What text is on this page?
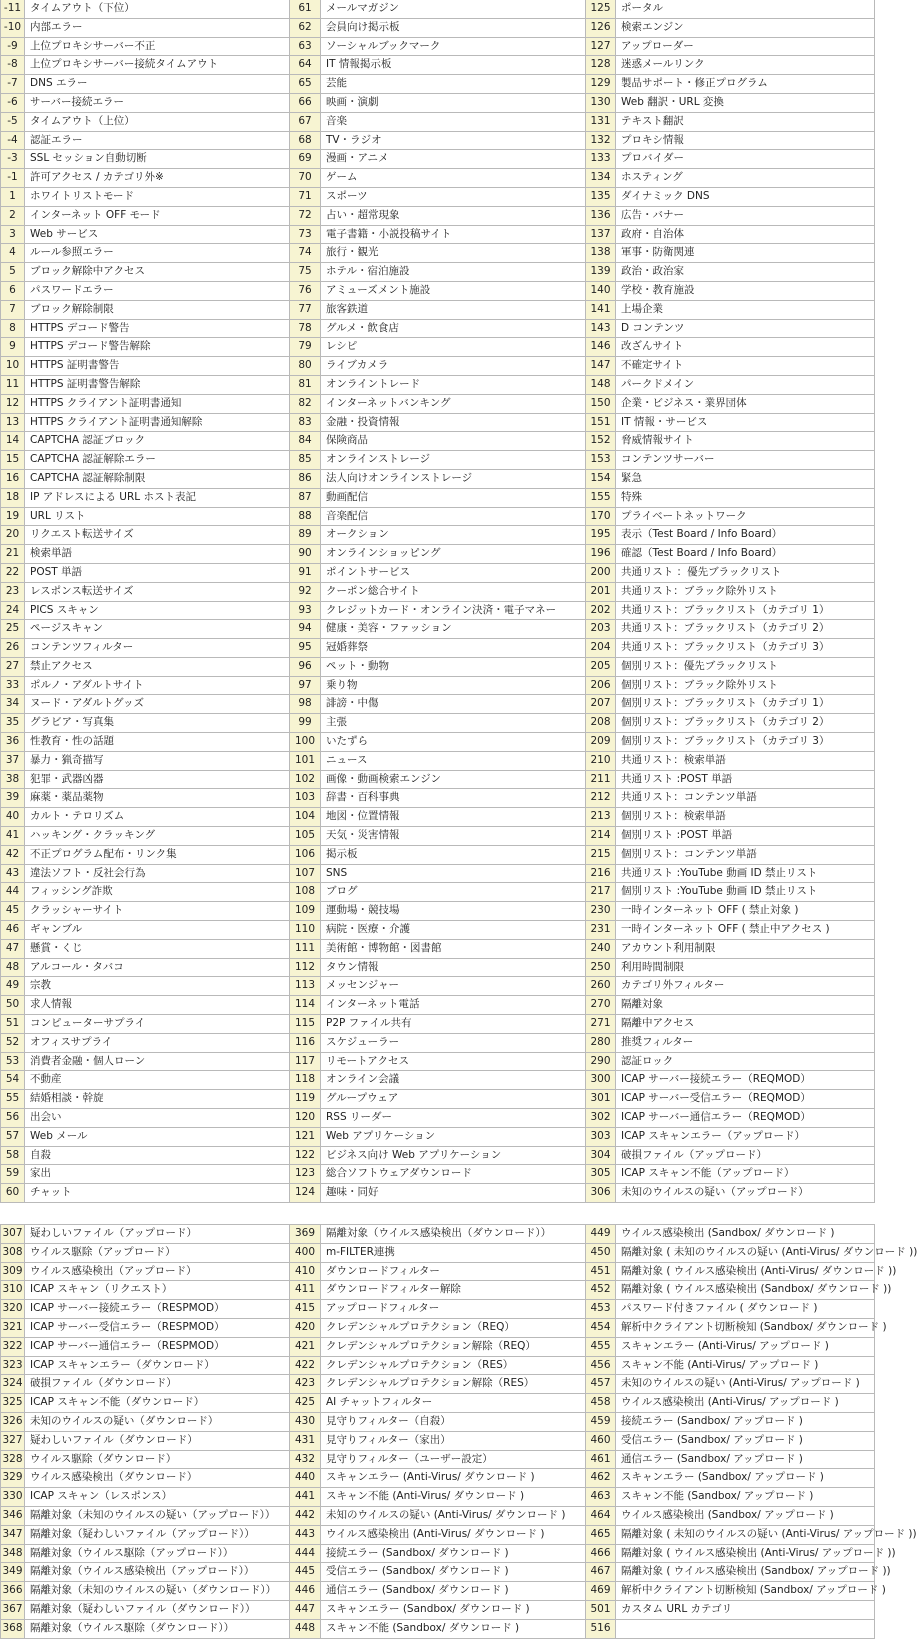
-11	タイムアウト（下位）	61	メールマガジン	125	ポータル
-10	内部エラー	62	会員向け掲示板	126	検索エンジン
-9	上位プロキシサーバー不正	63	ソーシャルブックマーク	127	アップローダー
-8	上位プロキシサーバー接続タイムアウト	64	IT 情報掲示板	128	迷惑メールリンク
-7	DNS エラー	65	芸能	129	製品サポート・修正プログラム
-6	サーバー接続エラー	66	映画・演劇	130	Web 翻訳・URL 変換
-5	タイムアウト（上位）	67	音楽	131	テキスト翻訳
-4	認証エラー	68	TV・ラジオ	132	プロキシ情報
-3	SSL セッション自動切断	69	漫画・アニメ	133	プロバイダー
-1	許可アクセス / カテゴリ外※	70	ゲーム	134	ホスティング
1	ホワイトリストモード	71	スポーツ	135	ダイナミック DNS
2	インターネット OFF モード	72	占い・超常現象	136	広告・バナー
3	Web サービス	73	電子書籍・小説投稿サイト	137	政府・自治体
4	ルール参照エラー	74	旅行・観光	138	軍事・防衛関連
5	ブロック解除中アクセス	75	ホテル・宿泊施設	139	政治・政治家
6	パスワードエラー	76	アミューズメント施設	140	学校・教育施設
7	ブロック解除制限	77	旅客鉄道	141	上場企業
8	HTTPS デコード警告	78	グルメ・飲食店	143	D コンテンツ
9	HTTPS デコード警告解除	79	レシピ	146	改ざんサイト
10	HTTPS 証明書警告	80	ライブカメラ	147	不確定サイト
11	HTTPS 証明書警告解除	81	オンライントレード	148	パークドメイン
12	HTTPS クライアント証明書通知	82	インターネットバンキング	150	企業・ビジネス・業界団体
13	HTTPS クライアント証明書通知解除	83	金融・投資情報	151	IT 情報・サービス
14	CAPTCHA 認証ブロック	84	保険商品	152	脅威情報サイト
15	CAPTCHA 認証解除エラー	85	オンラインストレージ	153	コンテンツサーバー
16	CAPTCHA 認証解除制限	86	法人向けオンラインストレージ	154	緊急
18	IP アドレスによる URL ホスト表記	87	動画配信	155	特殊
19	URL リスト	88	音楽配信	170	プライベートネットワーク
20	リクエスト転送サイズ	89	オークション	195	表示（Test Board / Info Board）
21	検索単語	90	オンラインショッピング	196	確認（Test Board / Info Board）
22	POST 単語	91	ポイントサービス	200	共通リスト ：優先ブラックリスト
23	レスポンス転送サイズ	92	クーポン総合サイト	201	共通リスト：ブラック除外リスト
24	PICS スキャン	93	クレジットカード・オンライン決済・電子マネー	202	共通リスト：ブラックリスト（カテゴリ 1）
25	ページスキャン	94	健康・美容・ファッション	203	共通リスト：ブラックリスト（カテゴリ 2）
26	コンテンツフィルター	95	冠婚葬祭	204	共通リスト：ブラックリスト（カテゴリ 3）
27	禁止アクセス	96	ペット・動物	205	個別リスト：優先ブラックリスト
33	ポルノ・アダルトサイト	97	乗り物	206	個別リスト：ブラック除外リスト
34	ヌード・アダルトグッズ	98	誹謗・中傷	207	個別リスト：ブラックリスト（カテゴリ 1）
35	グラビア・写真集	99	主張	208	個別リスト：ブラックリスト（カテゴリ 2）
36	性教育・性の話題	100	いたずら	209	個別リスト：ブラックリスト（カテゴリ 3）
37	暴力・猟奇描写	101	ニュース	210	共通リスト：検索単語
38	犯罪・武器凶器	102	画像・動画検索エンジン	211	共通リスト :POST 単語
39	麻薬・薬品薬物	103	辞書・百科事典	212	共通リスト：コンテンツ単語
40	カルト・テロリズム	104	地図・位置情報	213	個別リスト：検索単語
41	ハッキング・クラッキング	105	天気・災害情報	214	個別リスト :POST 単語
42	不正プログラム配布・リンク集	106	掲示板	215	個別リスト：コンテンツ単語
43	違法ソフト・反社会行為	107	SNS	216	共通リスト :YouTube 動画 ID 禁止リスト
44	フィッシング詐欺	108	ブログ	217	個別リスト :YouTube 動画 ID 禁止リスト
45	クラッシャーサイト	109	運動場・競技場	230	一時インターネット OFF ( 禁止対象 )
46	ギャンブル	110	病院・医療・介護	231	一時インターネット OFF ( 禁止中アクセス )
47	懸賞・くじ	111	美術館・博物館・図書館	240	アカウント利用制限
48	アルコール・タバコ	112	タウン情報	250	利用時間制限
49	宗教	113	メッセンジャー	260	カテゴリ外フィルター
50	求人情報	114	インターネット電話	270	隔離対象
51	コンピューターサプライ	115	P2P ファイル共有	271	隔離中アクセス
52	オフィスサプライ	116	スケジューラー	280	推奨フィルター
53	消費者金融・個人ローン	117	リモートアクセス	290	認証ロック
54	不動産	118	オンライン会議	300	ICAP サーバー接続エラー（REQMOD）
55	結婚相談・幹旋	119	グループウェア	301	ICAP サーバー受信エラー（REQMOD）
56	出会い	120	RSS リーダー	302	ICAP サーバー通信エラー（REQMOD）
57	Web メール	121	Web アプリケーション	303	ICAP スキャンエラー（アップロード）
58	自殺	122	ビジネス向け Web アプリケーション	304	破損ファイル（アップロード）
59	家出	123	総合ソフトウェアダウンロード	305	ICAP スキャン不能（アップロード）
60	チャット	124	趣味・同好	306	未知のウイルスの疑い（アップロード）
307	疑わしいファイル（アップロード）	369	隔離対象（ウイルス感染検出（ダウンロード））	449	ウイルス感染検出 (Sandbox/ ダウンロード )
308	ウイルス駆除（アップロード）	400	m-FILTER連携	450	隔離対象 ( 未知のウイルスの疑い (Anti-Virus/ ダウンロード ))
309	ウイルス感染検出（アップロード）	410	ダウンロードフィルター	451	隔離対象 ( ウイルス感染検出 (Anti-Virus/ ダウンロード ))
310	ICAP スキャン（リクエスト）	411	ダウンロードフィルター解除	452	隔離対象 ( ウイルス感染検出 (Sandbox/ ダウンロード ))
320	ICAP サーバー接続エラー（RESPMOD）	415	アップロードフィルター	453	パスワード付きファイル ( ダウンロード )
321	ICAP サーバー受信エラー（RESPMOD）	420	クレデンシャルプロテクション（REQ）	454	解析中クライアント切断検知 (Sandbox/ ダウンロード )
322	ICAP サーバー通信エラー（RESPMOD）	421	クレデンシャルプロテクション解除（REQ）	455	スキャンエラー (Anti-Virus/ アップロード )
323	ICAP スキャンエラー（ダウンロード）	422	クレデンシャルプロテクション（RES）	456	スキャン不能 (Anti-Virus/ アップロード )
324	破損ファイル（ダウンロード）	423	クレデンシャルプロテクション解除（RES）	457	未知のウイルスの疑い (Anti-Virus/ アップロード )
325	ICAP スキャン不能（ダウンロード）	425	AI チャットフィルター	458	ウイルス感染検出 (Anti-Virus/ アップロード )
326	未知のウイルスの疑い（ダウンロード）	430	見守りフィルター（自殺）	459	接続エラー (Sandbox/ アップロード )
327	疑わしいファイル（ダウンロード）	431	見守りフィルター（家出）	460	受信エラー (Sandbox/ アップロード )
328	ウイルス駆除（ダウンロード）	432	見守りフィルター（ユーザー設定）	461	通信エラー (Sandbox/ アップロード )
329	ウイルス感染検出（ダウンロード）	440	スキャンエラー (Anti-Virus/ ダウンロード )	462	スキャンエラー (Sandbox/ アップロード )
330	ICAP スキャン（レスポンス）	441	スキャン不能 (Anti-Virus/ ダウンロード )	463	スキャン不能 (Sandbox/ アップロード )
346	隔離対象（未知のウイルスの疑い（アップロード））	442	未知のウイルスの疑い (Anti-Virus/ ダウンロード )	464	ウイルス感染検出 (Sandbox/ アップロード )
347	隔離対象（疑わしいファイル（アップロード））	443	ウイルス感染検出 (Anti-Virus/ ダウンロード )	465	隔離対象 ( 未知のウイルスの疑い (Anti-Virus/ アップロード ))
348	隔離対象（ウイルス駆除（アップロード））	444	接続エラー (Sandbox/ ダウンロード )	466	隔離対象 ( ウイルス感染検出 (Anti-Virus/ アップロード ))
349	隔離対象（ウイルス感染検出（アップロード））	445	受信エラー (Sandbox/ ダウンロード )	467	隔離対象 ( ウイルス感染検出 (Sandbox/ アップロード ))
366	隔離対象（未知のウイルスの疑い（ダウンロード））	446	通信エラー (Sandbox/ ダウンロード )	469	解析中クライアント切断検知 (Sandbox/ アップロード )
367	隔離対象（疑わしいファイル（ダウンロード））	447	スキャンエラー (Sandbox/ ダウンロード )	501	カスタム URL カテゴリ
368	隔離対象（ウイルス駆除（ダウンロード））	448	スキャン不能 (Sandbox/ ダウンロード )	516	
